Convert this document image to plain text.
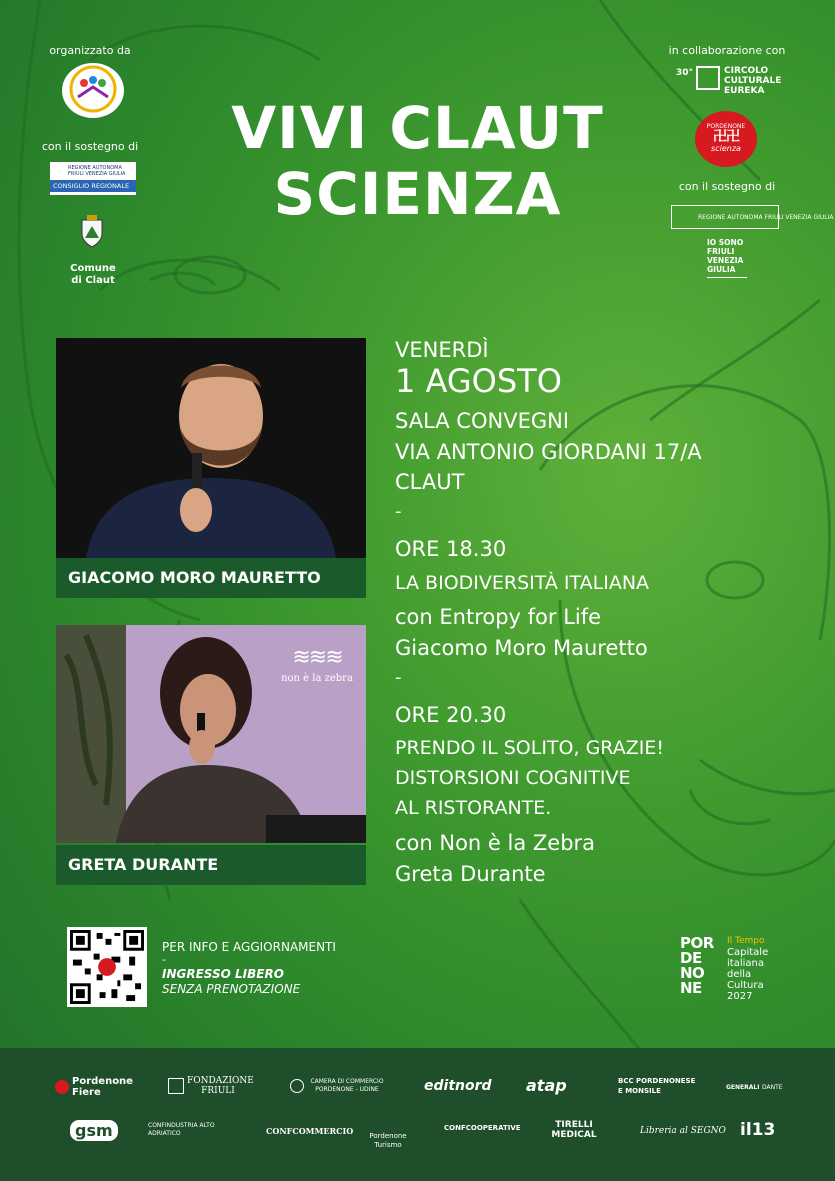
organizzato da
con il sostegno di
REGIONE AUTONOMA
FRIULI VENEZIA GIULIA
CONSIGLIO REGIONALE
Comune
di Claut
in collaborazione con
30°	CIRCOLO
CULTURALE
EUREKA
PORDENONE
卍卍
scienza
con il sostegno di
REGIONE AUTONOMA FRIULI VENEZIA GIULIA
IO SONO
FRIULI
VENEZIA
GIULIA
VIVI CLAUT
SCIENZA
GIACOMO MORO MAURETTO
≋≋≋
non è la zebra
GRETA DURANTE
VENERDÌ
1 AGOSTO
SALA CONVEGNI
VIA ANTONIO GIORDANI 17/A
CLAUT
-
ORE 18.30
LA BIODIVERSITÀ ITALIANA
con Entropy for Life
Giacomo Moro Mauretto
-
ORE 20.30
PRENDO IL SOLITO, GRAZIE!
DISTORSIONI COGNITIVE
AL RISTORANTE.
con Non è la Zebra
Greta Durante
PER INFO E AGGIORNAMENTI
-
INGRESSO LIBERO
SENZA PRENOTAZIONE
POR
DE
NO
NE
Il Tempo
Capitale
italiana
della
Cultura
2027
Pordenone Fiere
FONDAZIONE FRIULI
CAMERA DI COMMERCIO PORDENONE - UDINE	editnord atap	BCC PORDENONESE E MONSILE	GENERALI DANTE
gsm	CONFINDUSTRIA ALTO ADRIATICO	CONFCOMMERCIO Pordenone Turismo
CONFCOOPERATIVE	TIRELLI MEDICAL	Libreria al SEGNO il13
